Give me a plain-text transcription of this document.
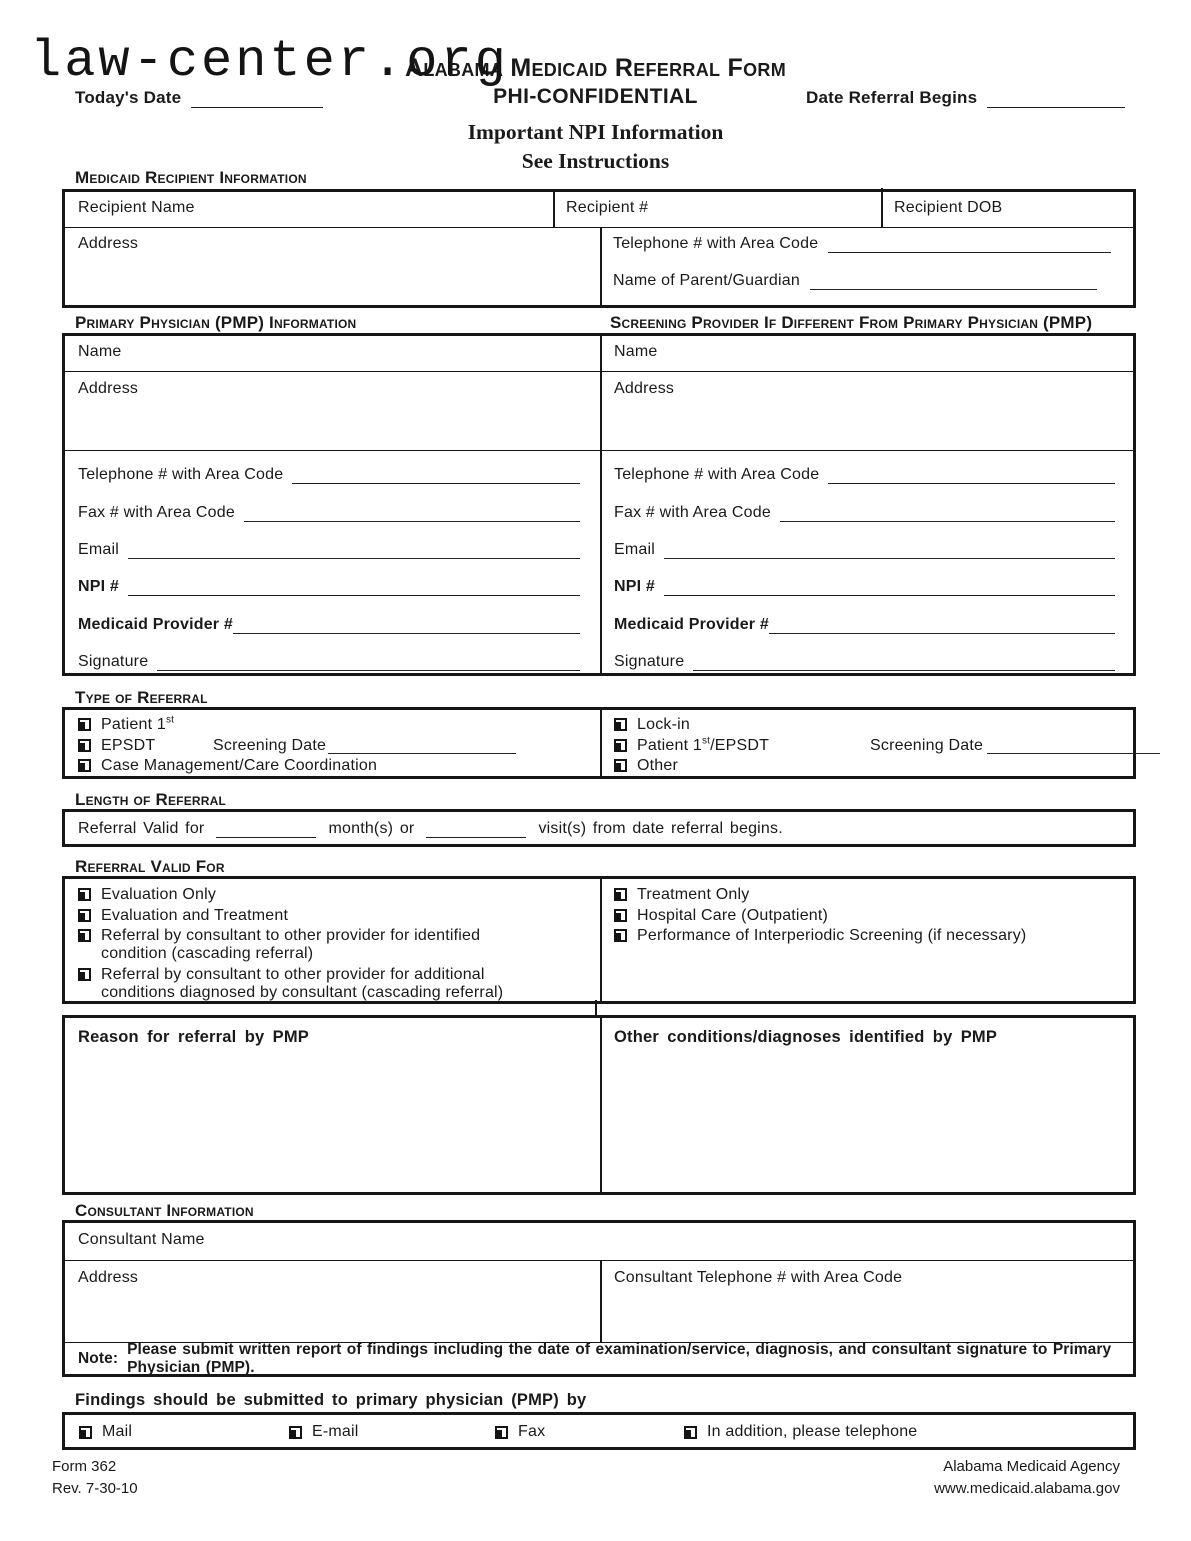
Alabama Medicaid Referral Form
law-center.org
Today's Date	PHI-CONFIDENTIAL	Date Referral Begins
Important NPI Information
See Instructions
Medicaid Recipient Information
Recipient Name	Recipient #	Recipient DOB
Address	Telephone # with Area Code
Name of Parent/Guardian
Primary Physician (PMP) Information	Screening Provider If Different From Primary Physician (PMP)
Name
Address
Telephone # with Area Code
Fax # with Area Code
Email
NPI #
Medicaid Provider #
Signature
Name
Address
Telephone # with Area Code
Fax # with Area Code
Email
NPI #
Medicaid Provider #
Signature
Type of Referral
Patient 1st
EPSDT	Screening Date
Case Management/Care Coordination
Lock-in
Patient 1st/EPSDT	Screening Date
Other
Length of Referral
Referral Valid for	month(s) or	visit(s) from date referral begins.
Referral Valid For
Evaluation Only
Evaluation and Treatment
Referral by consultant to other provider for identified
condition (cascading referral)
Referral by consultant to other provider for additional
conditions diagnosed by consultant (cascading referral)
Treatment Only
Hospital Care (Outpatient)
Performance of Interperiodic Screening (if necessary)
Reason for referral by PMP	Other conditions/diagnoses identified by PMP
Consultant Information
Consultant Name
Address	Consultant Telephone # with Area Code
Note:
Please submit written report of findings including the date of examination/service, diagnosis, and consultant signature to Primary Physician (PMP).
Findings should be submitted to primary physician (PMP) by
Mail	E-mail	Fax	In addition, please telephone
Form 362
Rev. 7-30-10
Alabama Medicaid Agency
www.medicaid.alabama.gov
